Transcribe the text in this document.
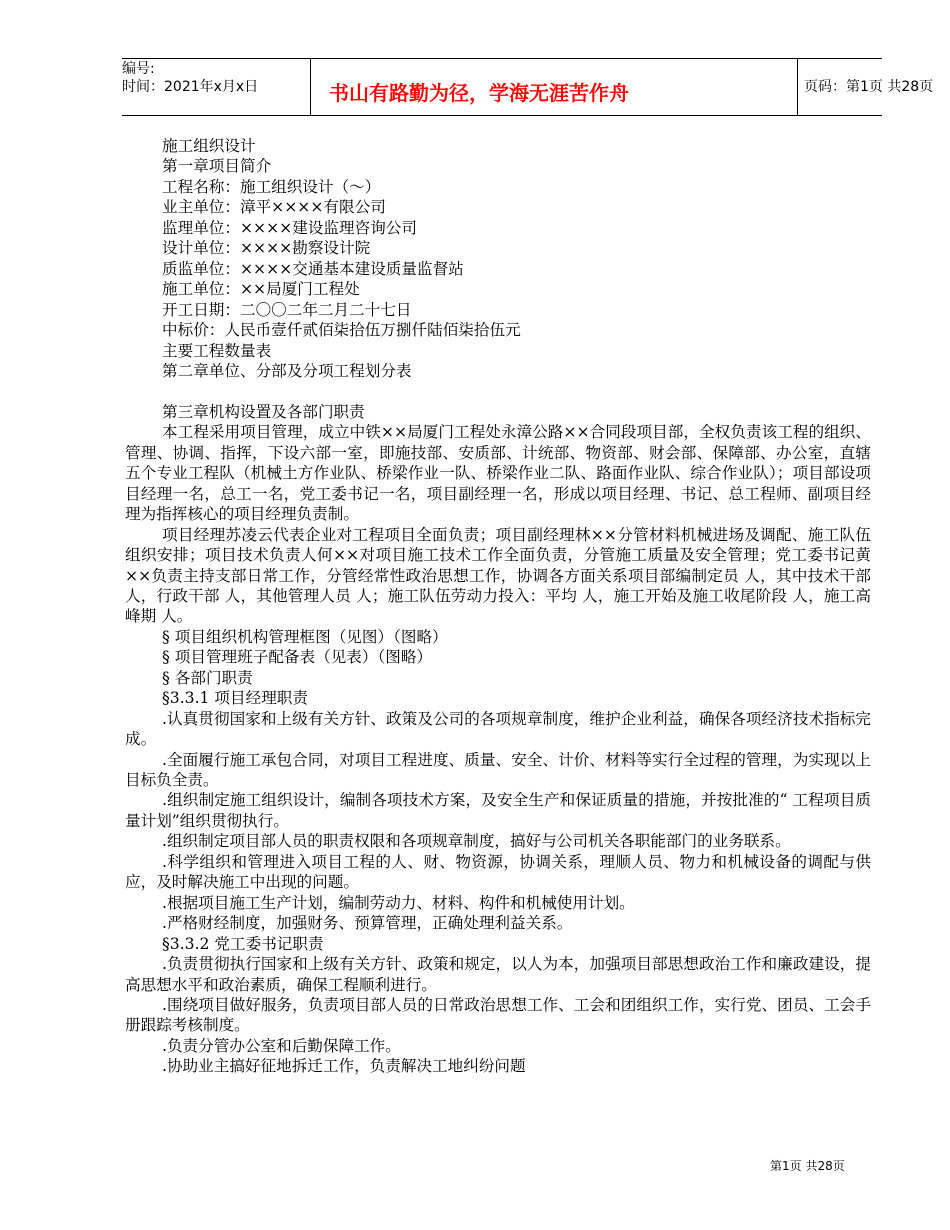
编号:
时间：2021年x月x日	书山有路勤为径，学海无涯苦作舟	页码：第1页 共28页

施工组织设计

第一章项目简介

工程名称：施工组织设计（～）

业主单位：漳平××××有限公司

监理单位：××××建设监理咨询公司

设计单位：××××勘察设计院

质监单位：××××交通基本建设质量监督站

施工单位：××局厦门工程处

开工日期：二〇〇二年二月二十七日

中标价：人民币壹仟贰佰柒拾伍万捌仟陆佰柒拾伍元

主要工程数量表

第二章单位、分部及分项工程划分表

第三章机构设置及各部门职责

本工程采用项目管理，成立中铁××局厦门工程处永漳公路××合同段项目部，全权负责该工程的组织、管理、协调、指挥，下设六部一室，即施技部、安质部、计统部、物资部、财会部、保障部、办公室，直辖五个专业工程队（机械土方作业队、桥梁作业一队、桥梁作业二队、路面作业队、综合作业队）；项目部设项目经理一名，总工一名，党工委书记一名，项目副经理一名，形成以项目经理、书记、总工程师、副项目经理为指挥核心的项目经理负责制。

项目经理苏凌云代表企业对工程项目全面负责；项目副经理林××分管材料机械进场及调配、施工队伍组织安排；项目技术负责人何××对项目施工技术工作全面负责，分管施工质量及安全管理；党工委书记黄××负责主持支部日常工作，分管经常性政治思想工作，协调各方面关系项目部编制定员 人，其中技术干部 人，行政干部 人，其他管理人员 人；施工队伍劳动力投入：平均 人，施工开始及施工收尾阶段 人，施工高峰期 人。

§ 项目组织机构管理框图（见图）（图略）

§ 项目管理班子配备表（见表）（图略）

§ 各部门职责

§3.3.1 项目经理职责

.认真贯彻国家和上级有关方针、政策及公司的各项规章制度，维护企业利益，确保各项经济技术指标完成。

.全面履行施工承包合同，对项目工程进度、质量、安全、计价、材料等实行全过程的管理，为实现以上目标负全责。

.组织制定施工组织设计，编制各项技术方案，及安全生产和保证质量的措施，并按批准的“ 工程项目质量计划”组织贯彻执行。

.组织制定项目部人员的职责权限和各项规章制度，搞好与公司机关各职能部门的业务联系。

.科学组织和管理进入项目工程的人、财、物资源，协调关系，理顺人员、物力和机械设备的调配与供应，及时解决施工中出现的问题。

.根据项目施工生产计划，编制劳动力、材料、构件和机械使用计划。

.严格财经制度，加强财务、预算管理，正确处理利益关系。

§3.3.2 党工委书记职责

.负责贯彻执行国家和上级有关方针、政策和规定，以人为本，加强项目部思想政治工作和廉政建设，提高思想水平和政治素质，确保工程顺利进行。

.围绕项目做好服务，负责项目部人员的日常政治思想工作、工会和团组织工作，实行党、团员、工会手册跟踪考核制度。

.负责分管办公室和后勤保障工作。

.协助业主搞好征地拆迁工作，负责解决工地纠纷问题

第1页 共28页
